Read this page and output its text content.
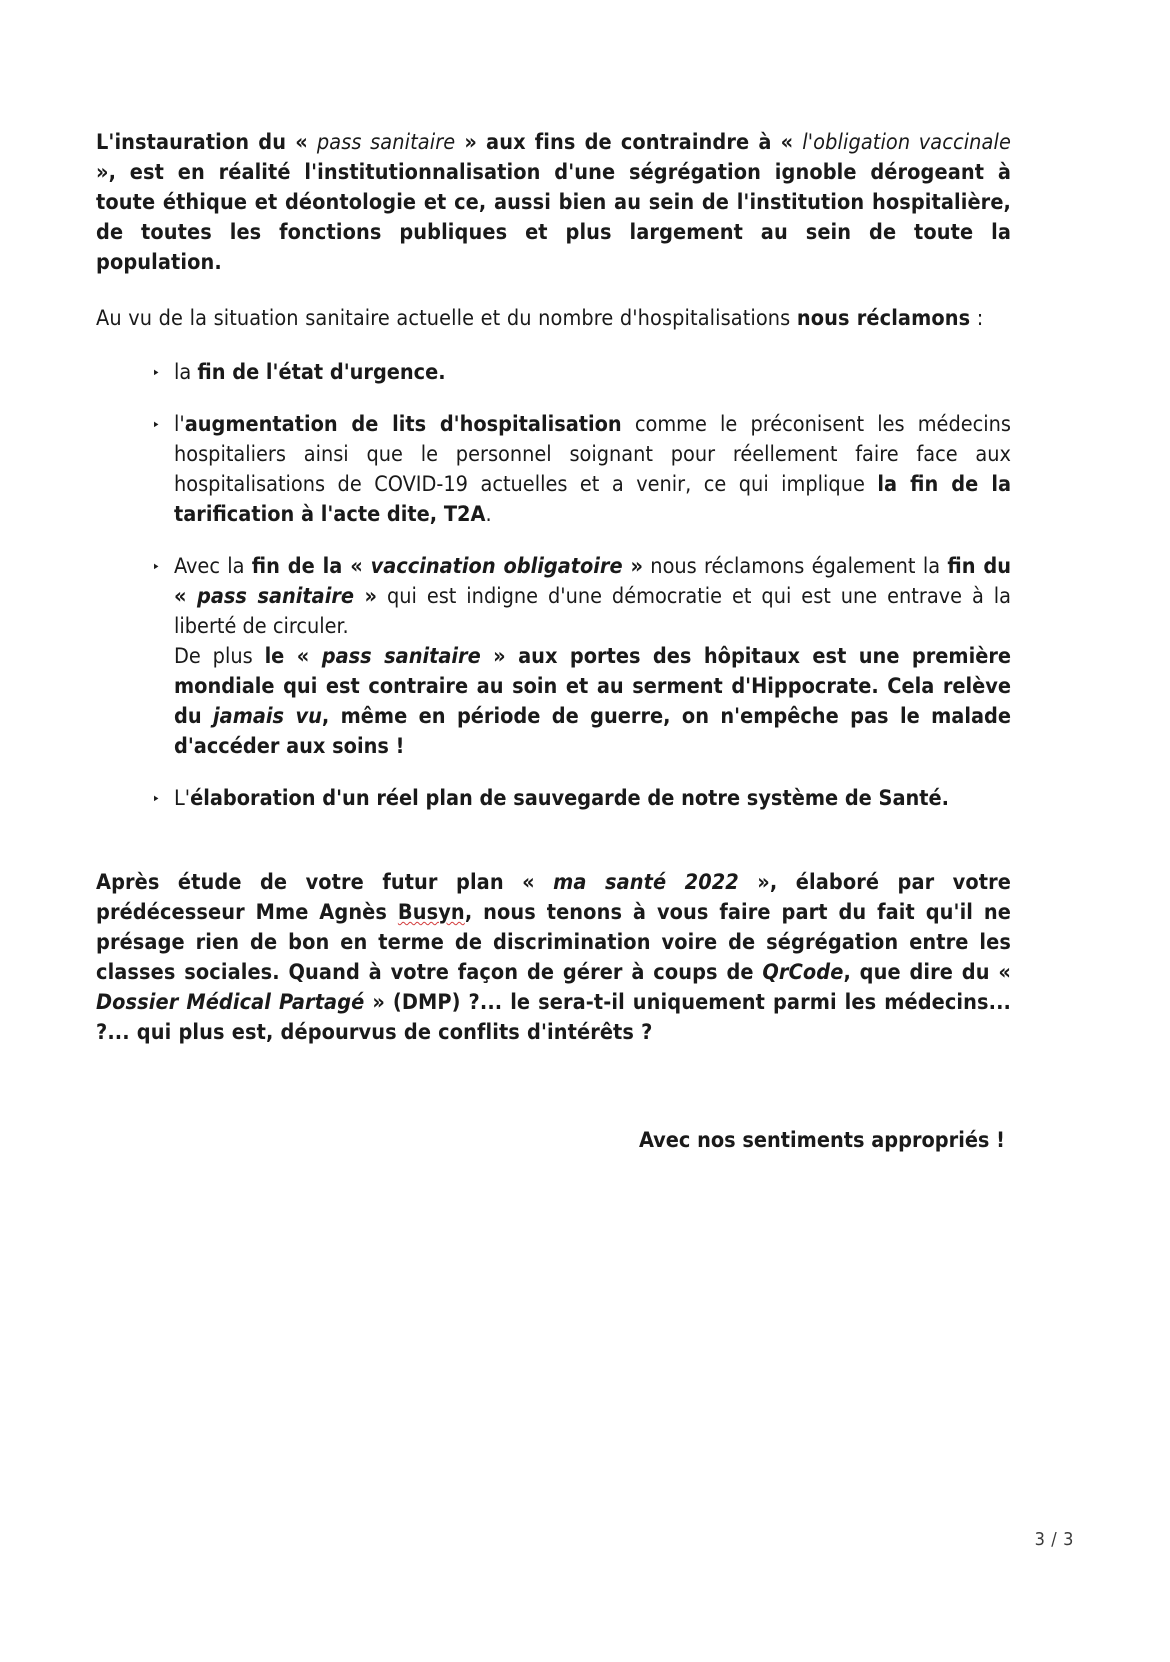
L'instauration du « pass sanitaire » aux fins de contraindre à « l'obligation vaccinale », est en réalité l'institutionnalisation d'une ségrégation ignoble dérogeant à toute éthique et déontologie et ce, aussi bien au sein de l'institution hospitalière, de toutes les fonctions publiques et plus largement au sein de toute la population.

Au vu de la situation sanitaire actuelle et du nombre d'hospitalisations nous réclamons :

‣ la fin de l'état d'urgence.
‣ l'augmentation de lits d'hospitalisation comme le préconisent les médecins hospitaliers ainsi que le personnel soignant pour réellement faire face aux hospitalisations de COVID-19 actuelles et a venir, ce qui implique la fin de la tarification à l'acte dite, T2A.
‣ Avec la fin de la « vaccination obligatoire » nous réclamons également la fin du « pass sanitaire » qui est indigne d'une démocratie et qui est une entrave à la liberté de circuler.
De plus le « pass sanitaire » aux portes des hôpitaux est une première mondiale qui est contraire au soin et au serment d'Hippocrate. Cela relève du jamais vu, même en période de guerre, on n'empêche pas le malade d'accéder aux soins !
‣ L'élaboration d'un réel plan de sauvegarde de notre système de Santé.

Après étude de votre futur plan « ma santé 2022 », élaboré par votre prédécesseur Mme Agnès Busyn, nous tenons à vous faire part du fait qu'il ne présage rien de bon en terme de discrimination voire de ségrégation entre les classes sociales. Quand à votre façon de gérer à coups de QrCode, que dire du « Dossier Médical Partagé » (DMP) ?... le sera-t-il uniquement parmi les médecins... ?... qui plus est, dépourvus de conflits d'intérêts ?

Avec nos sentiments appropriés !

3 / 3
